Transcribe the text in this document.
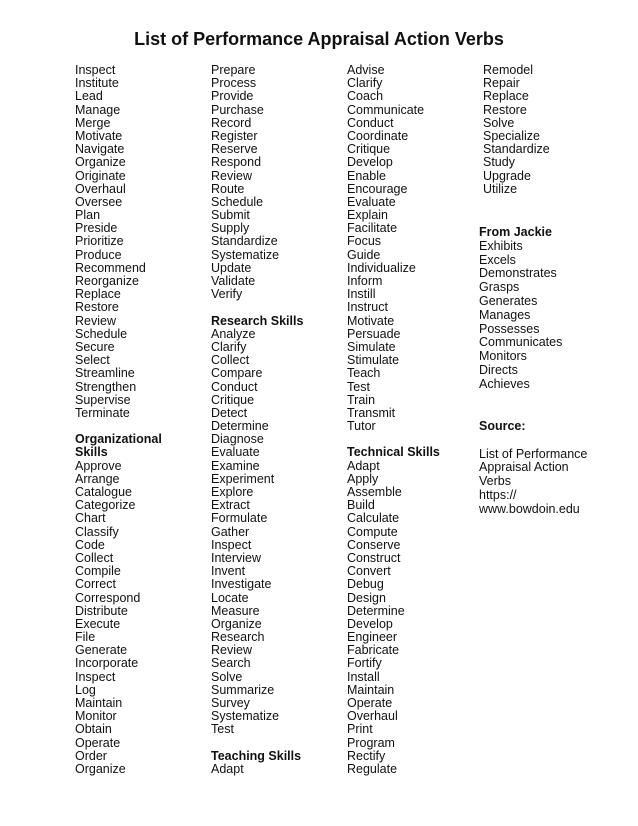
List of Performance Appraisal Action Verbs
Inspect
Institute
Lead
Manage
Merge
Motivate
Navigate
Organize
Originate
Overhaul
Oversee
Plan
Preside
Prioritize
Produce
Recommend
Reorganize
Replace
Restore
Review
Schedule
Secure
Select
Streamline
Strengthen
Supervise
Terminate
Organizational
Skills
Approve
Arrange
Catalogue
Categorize
Chart
Classify
Code
Collect
Compile
Correct
Correspond
Distribute
Execute
File
Generate
Incorporate
Inspect
Log
Maintain
Monitor
Obtain
Operate
Order
Organize
Prepare
Process
Provide
Purchase
Record
Register
Reserve
Respond
Review
Route
Schedule
Submit
Supply
Standardize
Systematize
Update
Validate
Verify
Research Skills
Analyze
Clarify
Collect
Compare
Conduct
Critique
Detect
Determine
Diagnose
Evaluate
Examine
Experiment
Explore
Extract
Formulate
Gather
Inspect
Interview
Invent
Investigate
Locate
Measure
Organize
Research
Review
Search
Solve
Summarize
Survey
Systematize
Test
Teaching Skills
Adapt
Advise
Clarify
Coach
Communicate
Conduct
Coordinate
Critique
Develop
Enable
Encourage
Evaluate
Explain
Facilitate
Focus
Guide
Individualize
Inform
Instill
Instruct
Motivate
Persuade
Simulate
Stimulate
Teach
Test
Train
Transmit
Tutor
Technical Skills
Adapt
Apply
Assemble
Build
Calculate
Compute
Conserve
Construct
Convert
Debug
Design
Determine
Develop
Engineer
Fabricate
Fortify
Install
Maintain
Operate
Overhaul
Print
Program
Rectify
Regulate
Remodel
Repair
Replace
Restore
Solve
Specialize
Standardize
Study
Upgrade
Utilize
From Jackie
Exhibits
Excels
Demonstrates
Grasps
Generates
Manages
Possesses
Communicates
Monitors
Directs
Achieves
Source:
List of Performance
Appraisal Action
Verbs
https://
www.bowdoin.edu
